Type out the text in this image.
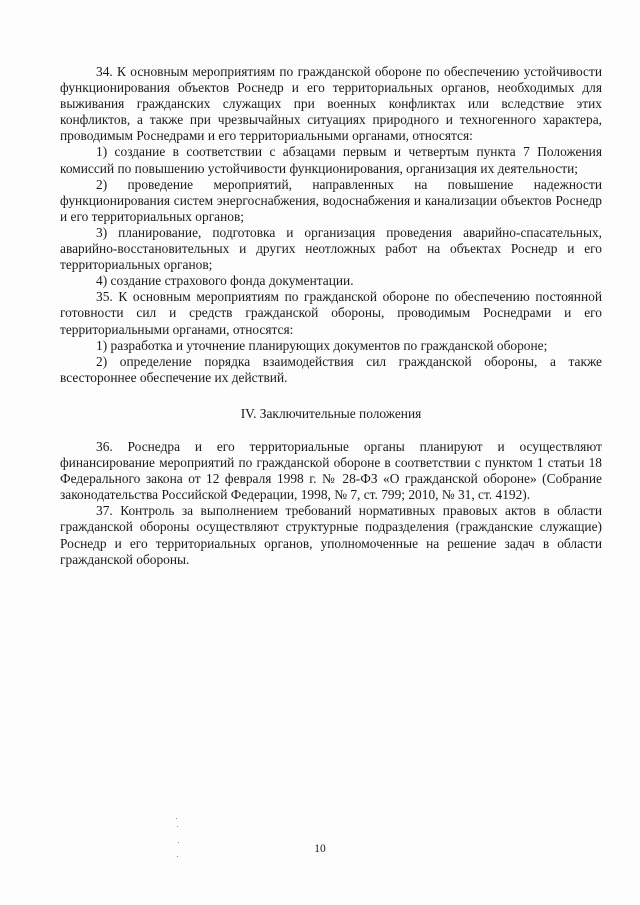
34. К основным мероприятиям по гражданской обороне по обеспечению устойчивости функционирования объектов Роснедр и его территориальных органов, необходимых для выживания гражданских служащих при военных конфликтах или вследствие этих конфликтов, а также при чрезвычайных ситуациях природного и техногенного характера, проводимым Роснедрами и его территориальными органами, относятся:

1) создание в соответствии с абзацами первым и четвертым пункта 7 Положения комиссий по повышению устойчивости функционирования, организация их деятельности;

2) проведение мероприятий, направленных на повышение надежности функционирования систем энергоснабжения, водоснабжения и канализации объектов Роснедр и его территориальных органов;

3) планирование, подготовка и организация проведения аварийно-спасательных, аварийно-восстановительных и других неотложных работ на объектах Роснедр и его территориальных органов;

4) создание страхового фонда документации.

35. К основным мероприятиям по гражданской обороне по обеспечению постоянной готовности сил и средств гражданской обороны, проводимым Роснедрами и его территориальными органами, относятся:

1) разработка и уточнение планирующих документов по гражданской обороне;

2) определение порядка взаимодействия сил гражданской обороны, а также всестороннее обеспечение их действий.

IV. Заключительные положения

36. Роснедра и его территориальные органы планируют и осуществляют финансирование мероприятий по гражданской обороне в соответствии с пунктом 1 статьи 18 Федерального закона от 12 февраля 1998 г. № 28-ФЗ «О гражданской обороне» (Собрание законодательства Российской Федерации, 1998, № 7, ст. 799; 2010, № 31, ст. 4192).

37. Контроль за выполнением требований нормативных правовых актов в области гражданской обороны осуществляют структурные подразделения (гражданские служащие) Роснедр и его территориальных органов, уполномоченные на решение задач в области гражданской обороны.

10
